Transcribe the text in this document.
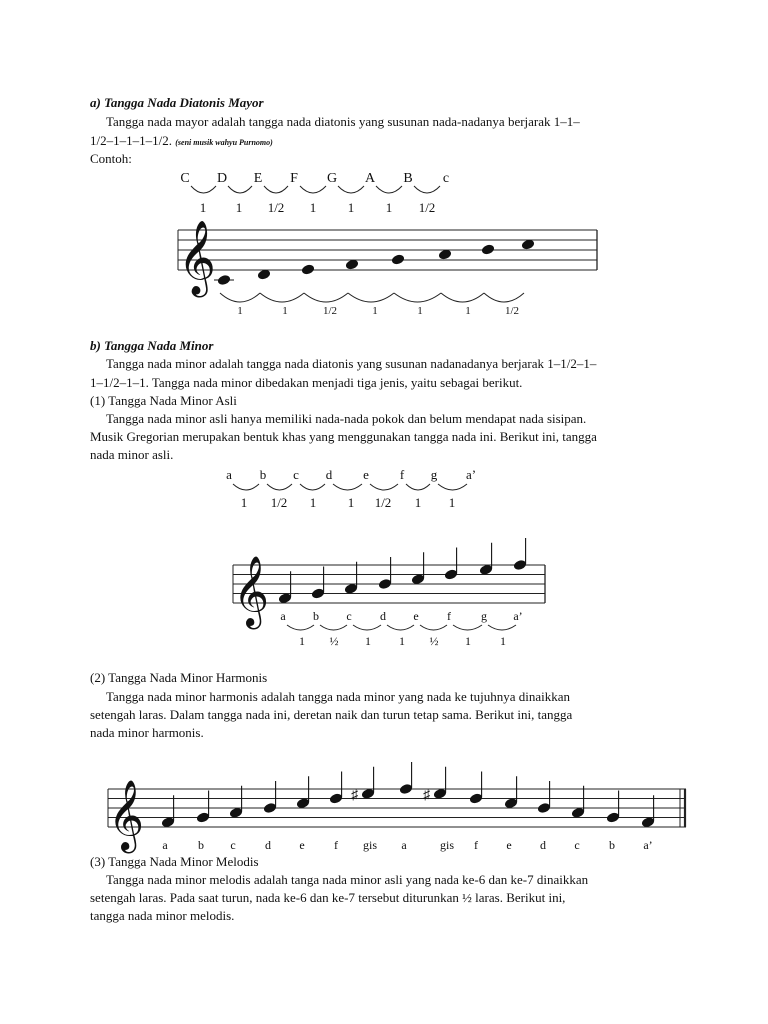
a) Tangga Nada Diatonis Mayor
Tangga nada mayor adalah tangga nada diatonis yang susunan nada-nadanya berjarak 1–1–
1/2–1–1–1–1/2. (seni musik wahyu Purnomo)
Contoh:
C D E F G A B c
1 1 1/2 1 1 1 1/2
𝄞
1	1	1/2	1	1	1	1/2
a b c d e f g a’
1 1/2 1 1 1/2 1 1
𝄞 a b c d e f	g a’
1 ½ 1 1 ½ 1 1
𝄞	♯	♯
a	b c d e f gis a	gis f e d c b a’
b) Tangga Nada Minor
Tangga nada minor adalah tangga nada diatonis yang susunan nadanadanya berjarak 1–1/2–1–
1–1/2–1–1. Tangga nada minor dibedakan menjadi tiga jenis, yaitu sebagai berikut.
(1) Tangga Nada Minor Asli
Tangga nada minor asli hanya memiliki nada-nada pokok dan belum mendapat nada sisipan.
Musik Gregorian merupakan bentuk khas yang menggunakan tangga nada ini. Berikut ini, tangga
nada minor asli.
(2) Tangga Nada Minor Harmonis
Tangga nada minor harmonis adalah tangga nada minor yang nada ke tujuhnya dinaikkan
setengah laras. Dalam tangga nada ini, deretan naik dan turun tetap sama. Berikut ini, tangga
nada minor harmonis.
(3) Tangga Nada Minor Melodis
Tangga nada minor melodis adalah tanga nada minor asli yang nada ke-6 dan ke-7 dinaikkan
setengah laras. Pada saat turun, nada ke-6 dan ke-7 tersebut diturunkan ½ laras. Berikut ini,
tangga nada minor melodis.
